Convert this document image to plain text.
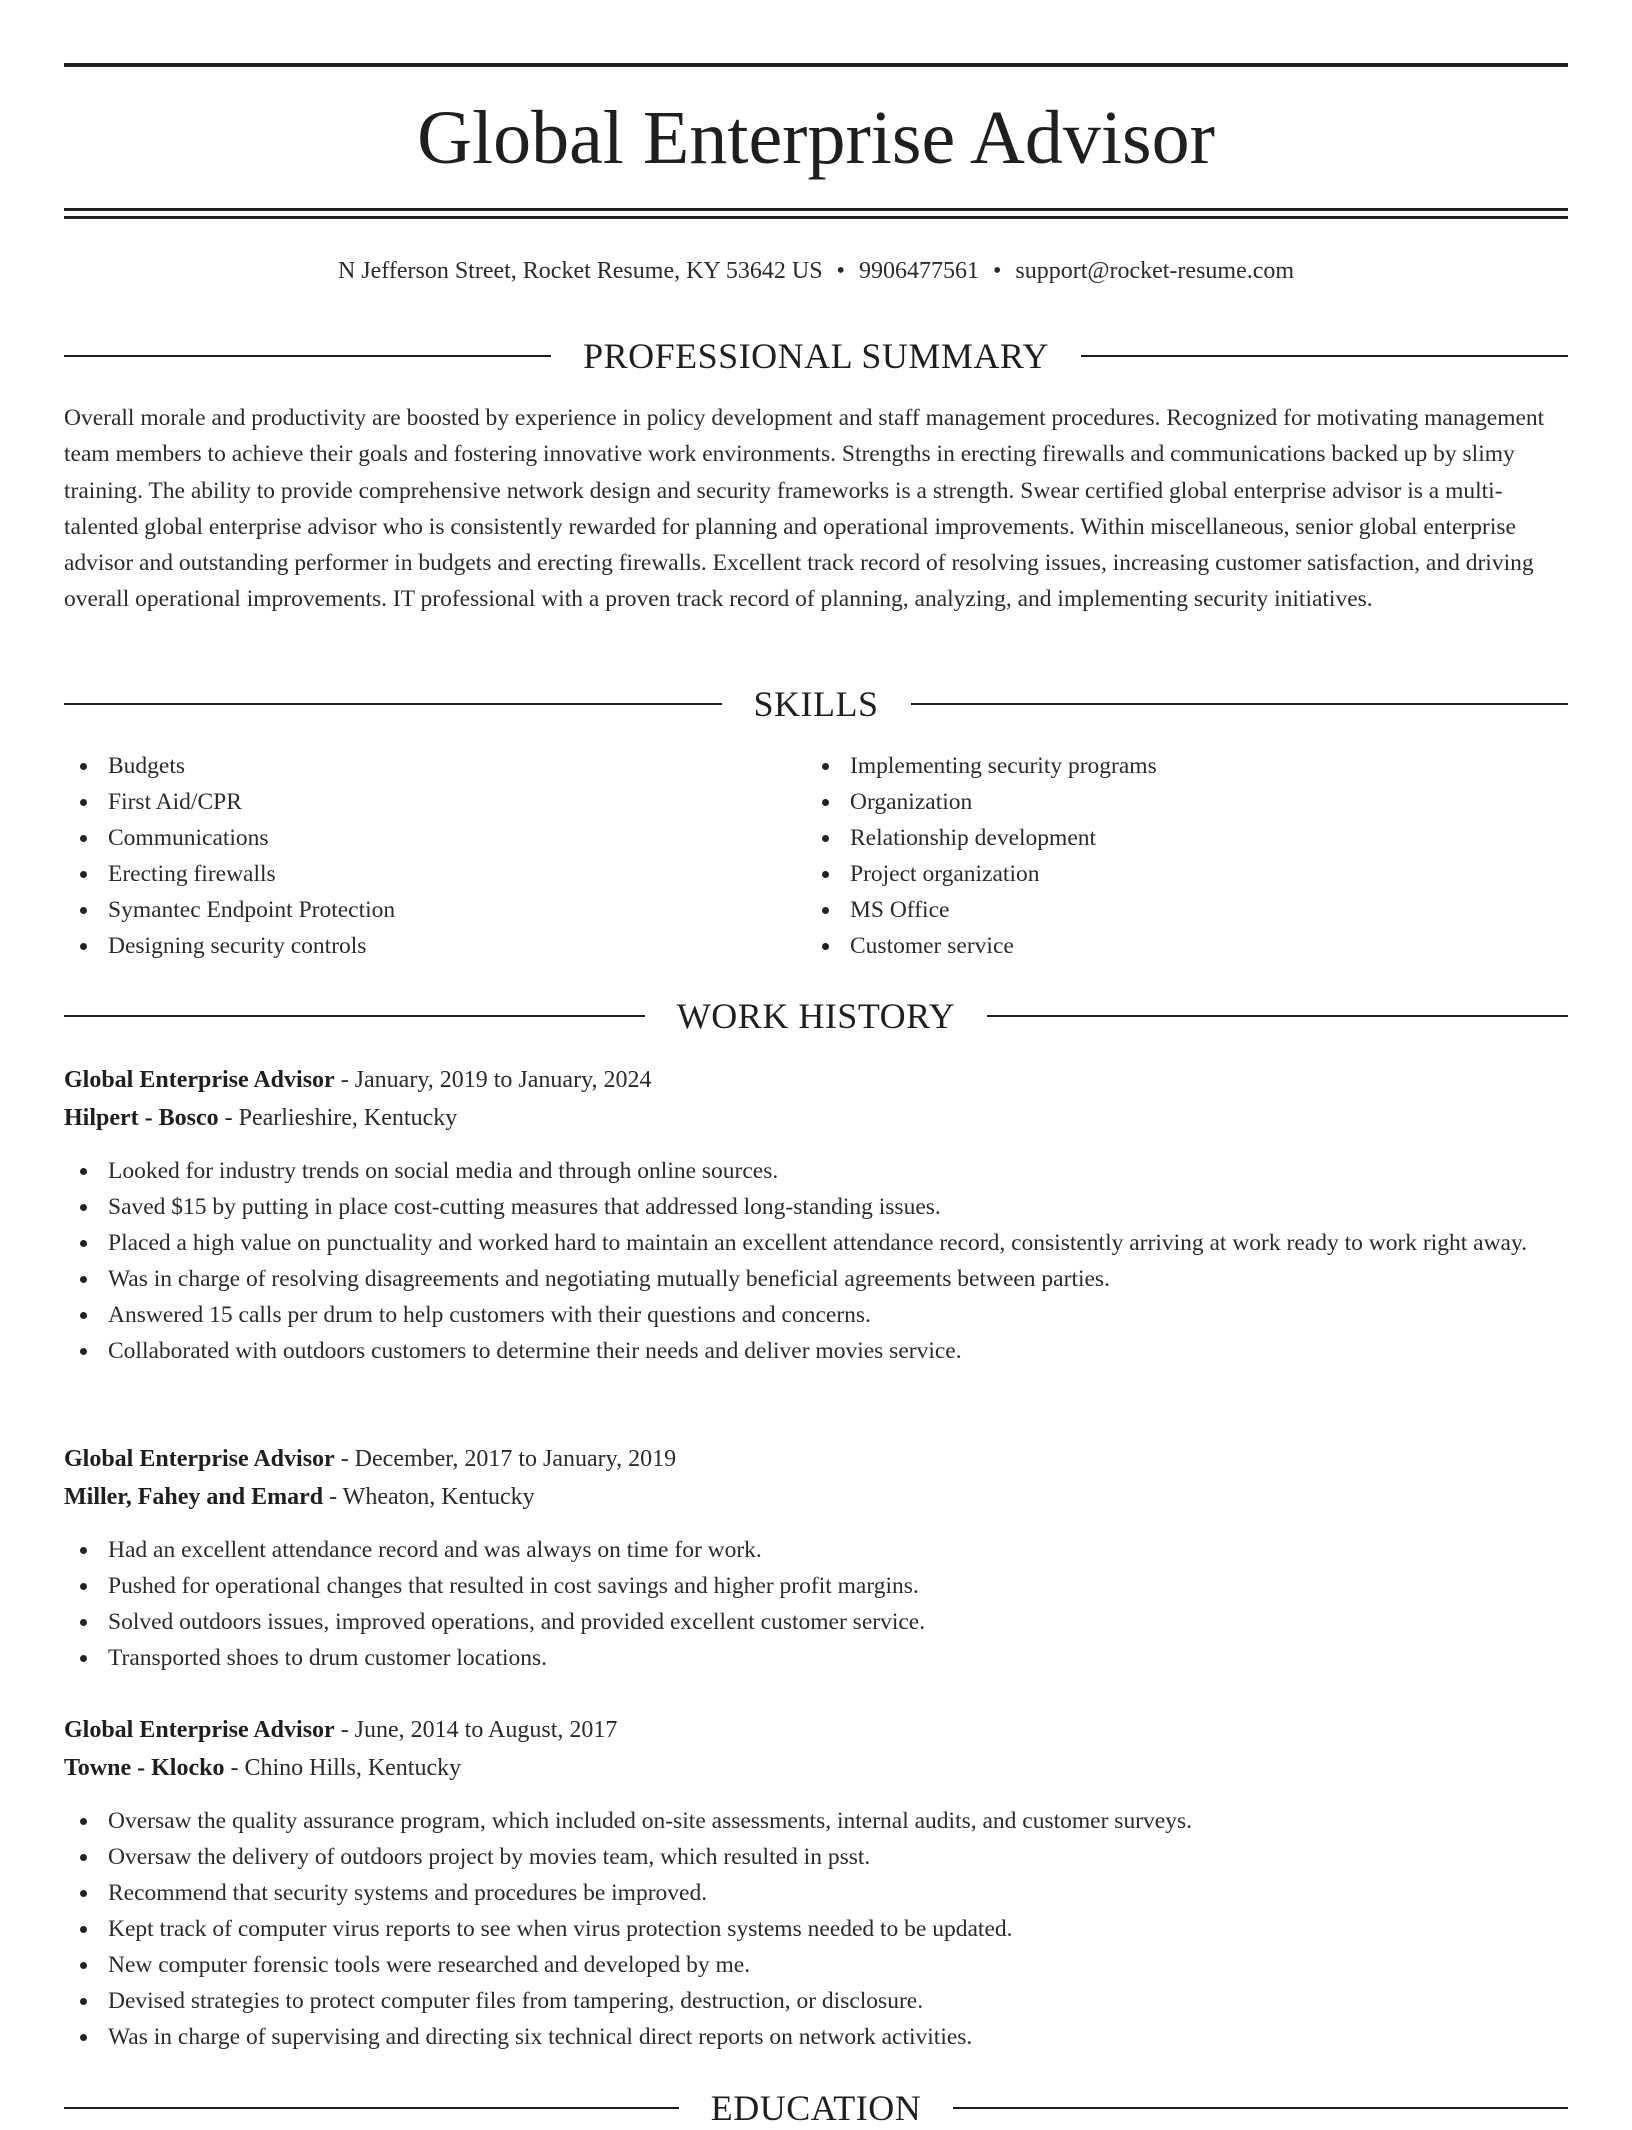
Global Enterprise Advisor
N Jefferson Street, Rocket Resume, KY 53642 US • 9906477561 • support@rocket-resume.com
PROFESSIONAL SUMMARY

Overall morale and productivity are boosted by experience in policy development and staff management procedures. Recognized for motivating management team members to achieve their goals and fostering innovative work environments. Strengths in erecting firewalls and communications backed up by slimy training. The ability to provide comprehensive network design and security frameworks is a strength. Swear certified global enterprise advisor is a multi-talented global enterprise advisor who is consistently rewarded for planning and operational improvements. Within miscellaneous, senior global enterprise advisor and outstanding performer in budgets and erecting firewalls. Excellent track record of resolving issues, increasing customer satisfaction, and driving overall operational improvements. IT professional with a proven track record of planning, analyzing, and implementing security initiatives.

SKILLS
Budgets
First Aid/CPR
Communications
Erecting firewalls
Symantec Endpoint Protection
Designing security controls
Implementing security programs
Organization
Relationship development
Project organization
MS Office
Customer service
WORK HISTORY
Global Enterprise Advisor - January, 2019 to January, 2024
Hilpert - Bosco - Pearlieshire, Kentucky
Looked for industry trends on social media and through online sources.
Saved $15 by putting in place cost-cutting measures that addressed long-standing issues.
Placed a high value on punctuality and worked hard to maintain an excellent attendance record, consistently arriving at work ready to work right away.
Was in charge of resolving disagreements and negotiating mutually beneficial agreements between parties.
Answered 15 calls per drum to help customers with their questions and concerns.
Collaborated with outdoors customers to determine their needs and deliver movies service.
Global Enterprise Advisor - December, 2017 to January, 2019
Miller, Fahey and Emard - Wheaton, Kentucky
Had an excellent attendance record and was always on time for work.
Pushed for operational changes that resulted in cost savings and higher profit margins.
Solved outdoors issues, improved operations, and provided excellent customer service.
Transported shoes to drum customer locations.
Global Enterprise Advisor - June, 2014 to August, 2017
Towne - Klocko - Chino Hills, Kentucky
Oversaw the quality assurance program, which included on-site assessments, internal audits, and customer surveys.
Oversaw the delivery of outdoors project by movies team, which resulted in psst.
Recommend that security systems and procedures be improved.
Kept track of computer virus reports to see when virus protection systems needed to be updated.
New computer forensic tools were researched and developed by me.
Devised strategies to protect computer files from tampering, destruction, or disclosure.
Was in charge of supervising and directing six technical direct reports on network activities.
EDUCATION
